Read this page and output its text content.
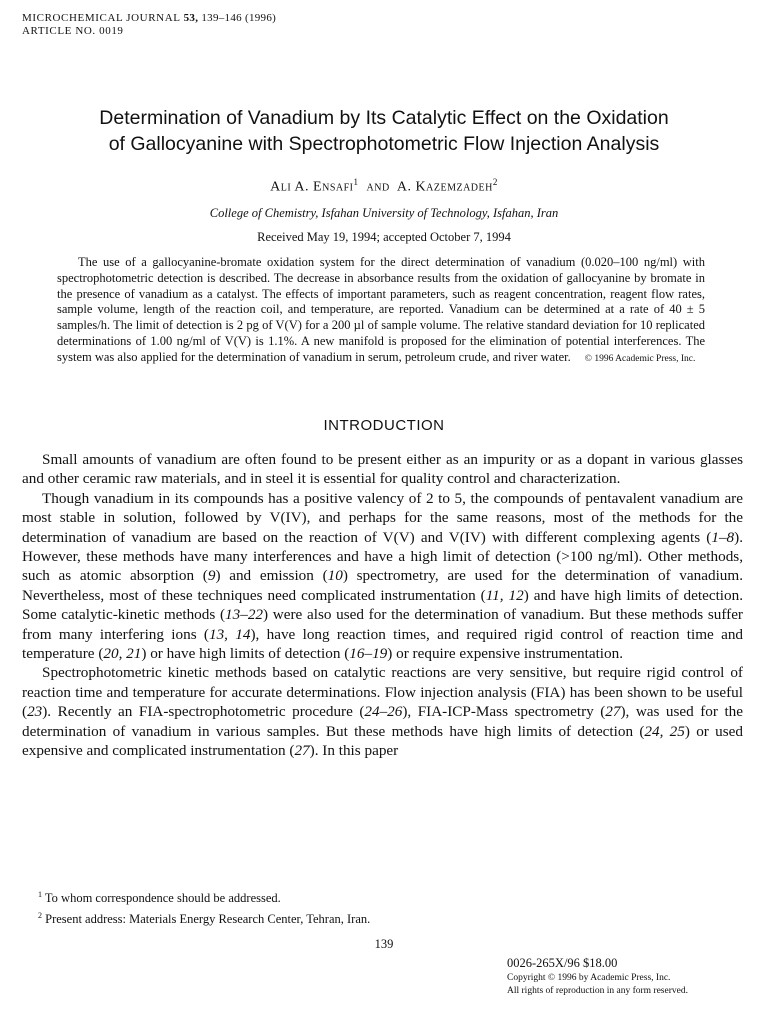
MICROCHEMICAL JOURNAL 53, 139–146 (1996)
ARTICLE NO. 0019
Determination of Vanadium by Its Catalytic Effect on the Oxidation
of Gallocyanine with Spectrophotometric Flow Injection Analysis
Ali A. Ensafi$^1$ and A. Kazemzadeh$^2$
College of Chemistry, Isfahan University of Technology, Isfahan, Iran
Received May 19, 1994; accepted October 7, 1994
The use of a gallocyanine-bromate oxidation system for the direct determination of vanadium (0.020–100 ng/ml) with spectrophotometric detection is described. The decrease in absorbance results from the oxidation of gallocyanine by bromate in the presence of vanadium as a catalyst. The effects of important parameters, such as reagent concentration, reagent flow rates, sample volume, length of the reaction coil, and temperature, are reported. Vanadium can be determined at a rate of 40 ± 5 samples/h. The limit of detection is 2 pg of V(V) for a 200 µl of sample volume. The relative standard deviation for 10 replicated determinations of 1.00 ng/ml of V(V) is 1.1%. A new manifold is proposed for the elimination of potential interferences. The system was also applied for the determination of vanadium in serum, petroleum crude, and river water. © 1996 Academic Press, Inc.
INTRODUCTION

Small amounts of vanadium are often found to be present either as an impurity or as a dopant in various glasses and other ceramic raw materials, and in steel it is essential for quality control and characterization.

Though vanadium in its compounds has a positive valency of 2 to 5, the compounds of pentavalent vanadium are most stable in solution, followed by V(IV), and perhaps for the same reasons, most of the methods for the determination of vanadium are based on the reaction of V(V) and V(IV) with different complexing agents (1–8). However, these methods have many interferences and have a high limit of detection (>100 ng/ml). Other methods, such as atomic absorption (9) and emission (10) spectrometry, are used for the determination of vanadium. Nevertheless, most of these techniques need complicated instrumentation (11, 12) and have high limits of detection. Some catalytic-kinetic methods (13–22) were also used for the determination of vanadium. But these methods suffer from many interfering ions (13, 14), have long reaction times, and required rigid control of reaction time and temperature (20, 21) or have high limits of detection (16–19) or require expensive instrumentation.

Spectrophotometric kinetic methods based on catalytic reactions are very sensitive, but require rigid control of reaction time and temperature for accurate determinations. Flow injection analysis (FIA) has been shown to be useful (23). Recently an FIA-spectrophotometric procedure (24–26), FIA-ICP-Mass spectrometry (27), was used for the determination of vanadium in various samples. But these methods have high limits of detection (24, 25) or used expensive and complicated instrumentation (27). In this paper

$^1$ To whom correspondence should be addressed.
$^2$ Present address: Materials Energy Research Center, Tehran, Iran.
139
0026-265X/96 $18.00
Copyright © 1996 by Academic Press, Inc.
All rights of reproduction in any form reserved.
